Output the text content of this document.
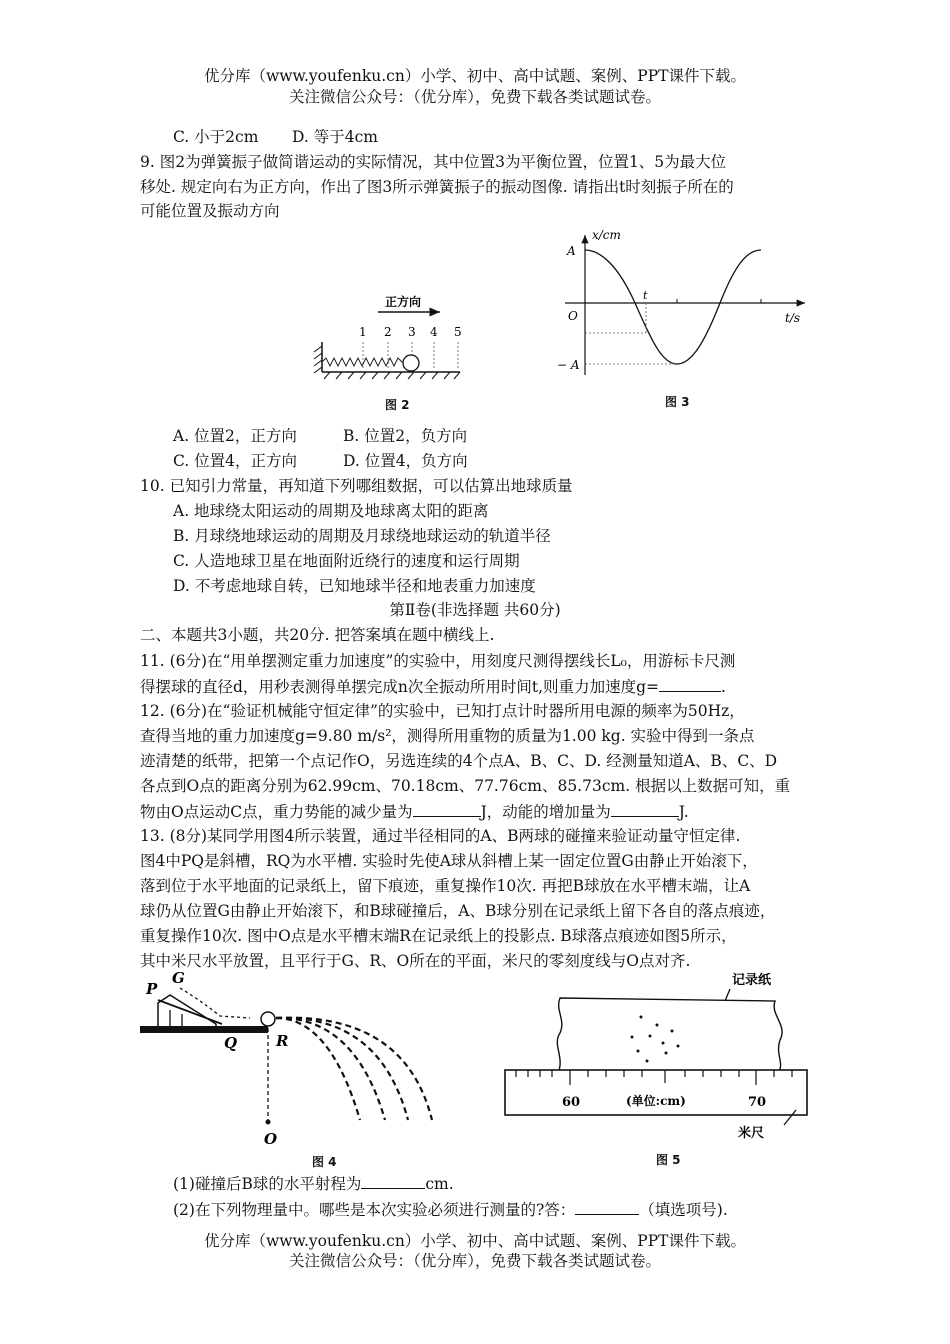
优分库（www.youfenku.cn）小学、初中、高中试题、案例、PPT课件下载。
关注微信公众号：（优分库），免费下载各类试题试卷。
C. 小于2cm D. 等于4cm
9. 图2为弹簧振子做简谐运动的实际情况，其中位置3为平衡位置，位置1、5为最大位
移处. 规定向右为正方向，作出了图3所示弹簧振子的振动图像. 请指出t时刻振子所在的
可能位置及振动方向
正方向
1 2 3 4 5
图 2
x/cm
t/s
A
O
− A
t
图 3
A. 位置2，正方向	B. 位置2，负方向
C. 位置4，正方向	D. 位置4，负方向
10. 已知引力常量，再知道下列哪组数据，可以估算出地球质量
A. 地球绕太阳运动的周期及地球离太阳的距离
B. 月球绕地球运动的周期及月球绕地球运动的轨道半径
C. 人造地球卫星在地面附近绕行的速度和运行周期
D. 不考虑地球自转，已知地球半径和地表重力加速度
第Ⅱ卷(非选择题 共60分)
二、本题共3小题，共20分. 把答案填在题中横线上.
11. (6分)在“用单摆测定重力加速度”的实验中，用刻度尺测得摆线长L₀，用游标卡尺测
得摆球的直径d，用秒表测得单摆完成n次全振动所用时间t,则重力加速度g=	.
12. (6分)在“验证机械能守恒定律”的实验中，已知打点计时器所用电源的频率为50Hz，
查得当地的重力加速度g=9.80 m/s²，测得所用重物的质量为1.00 kg. 实验中得到一条点
迹清楚的纸带，把第一个点记作O，另选连续的4个点A、B、C、D. 经测量知道A、B、C、D
各点到O点的距离分别为62.99cm、70.18cm、77.76cm、85.73cm. 根据以上数据可知，重
物由O点运动C点，重力势能的减少量为	J，动能的增加量为	J.
13. (8分)某同学用图4所示装置，通过半径相同的A、B两球的碰撞来验证动量守恒定律.
图4中PQ是斜槽，RQ为水平槽. 实验时先使A球从斜槽上某一固定位置G由静止开始滚下，
落到位于水平地面的记录纸上，留下痕迹，重复操作10次. 再把B球放在水平槽末端，让A
球仍从位置G由静止开始滚下，和B球碰撞后，A、B球分别在记录纸上留下各自的落点痕迹，
重复操作10次. 图中O点是水平槽末端R在记录纸上的投影点. B球落点痕迹如图5所示，
其中米尺水平放置，且平行于G、R、O所在的平面，米尺的零刻度线与O点对齐.
P
G
Q	R
O
图 4
记录纸
60	(单位:cm)	70
米尺
图 5
(1)碰撞后B球的水平射程为	cm.
(2)在下列物理量中。哪些是本次实验必须进行测量的?答：	（填选项号).
优分库（www.youfenku.cn）小学、初中、高中试题、案例、PPT课件下载。
关注微信公众号：（优分库），免费下载各类试题试卷。
